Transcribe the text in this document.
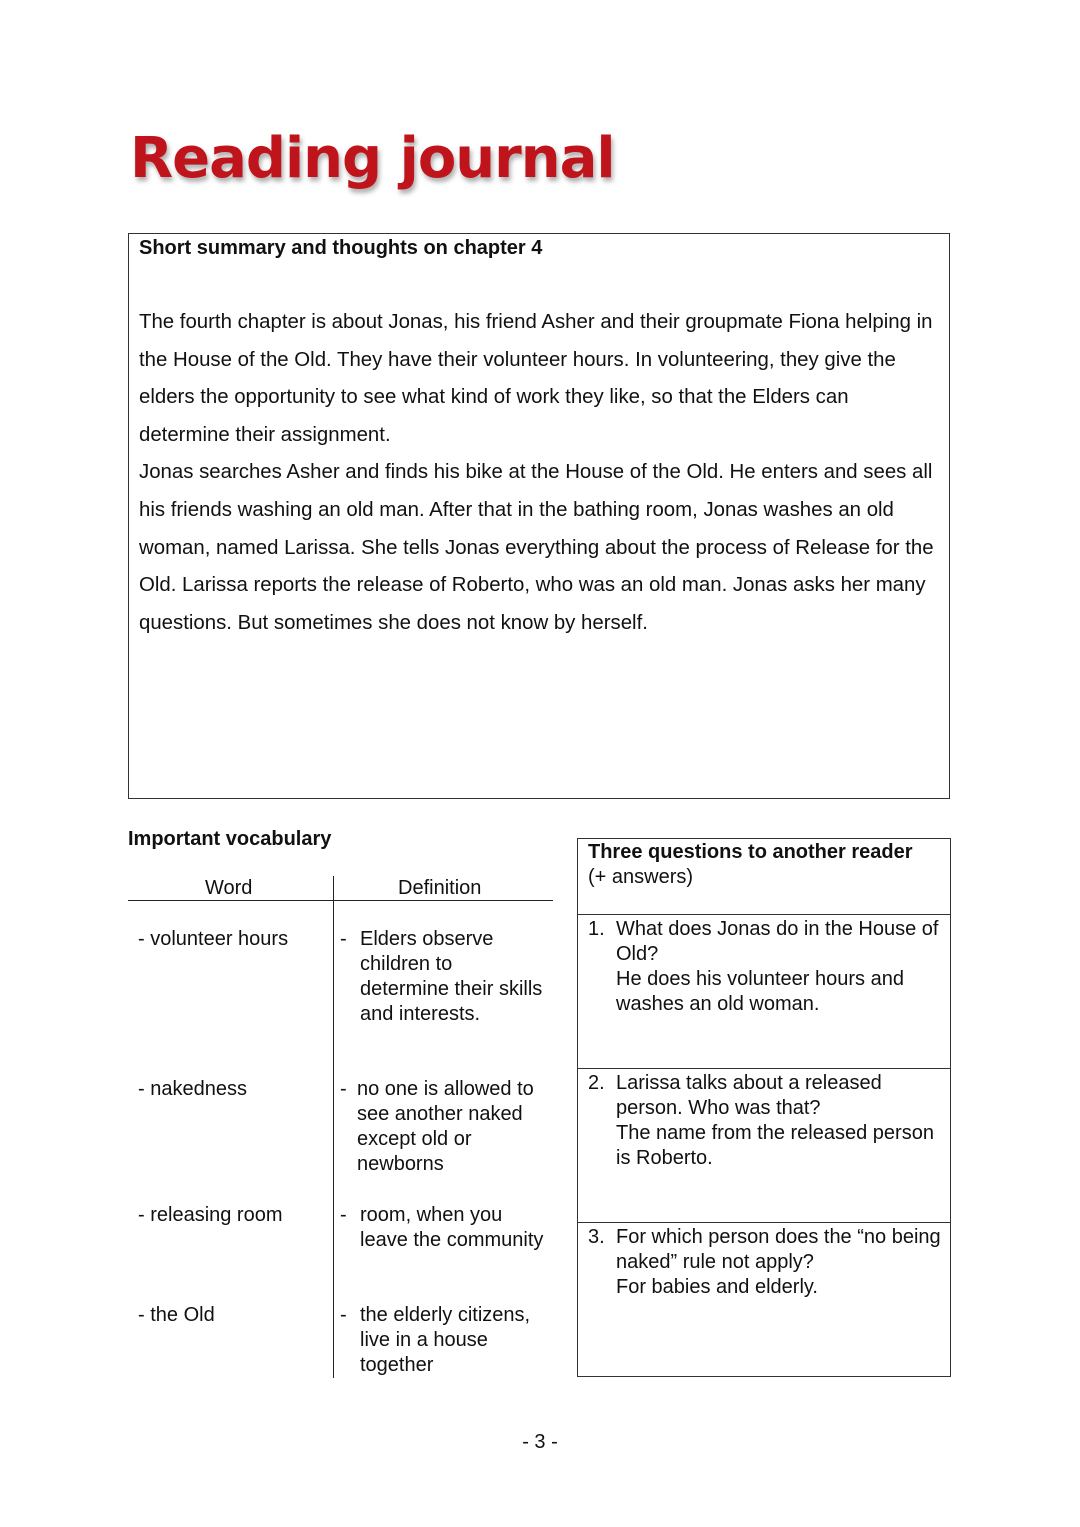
Reading journal
Short summary and thoughts on chapter 4

The fourth chapter is about Jonas, his friend Asher and their groupmate Fiona helping in the House of the Old. They have their volunteer hours. In volunteering, they give the elders the opportunity to see what kind of work they like, so that the Elders can determine their assignment.

Jonas searches Asher and finds his bike at the House of the Old. He enters and sees all his friends washing an old man. After that in the bathing room, Jonas washes an old woman, named Larissa. She tells Jonas everything about the process of Release for the Old. Larissa reports the release of Roberto, who was an old man. Jonas asks her many questions. But sometimes she does not know by herself.

Important vocabulary
Word	Definition
- volunteer hours	- Elders observe children to determine their skills and interests.
- nakedness	- no one is allowed to see another naked except old or newborns
- releasing room	- room, when you leave the community
- the Old	- the elderly citizens, live in a house together
Three questions to another reader
(+ answers)
1. What does Jonas do in the House of Old?
He does his volunteer hours and washes an old woman.
2. Larissa talks about a released person. Who was that?
The name from the released person is Roberto.
3. For which person does the “no being naked” rule not apply?
For babies and elderly.
- 3 -
